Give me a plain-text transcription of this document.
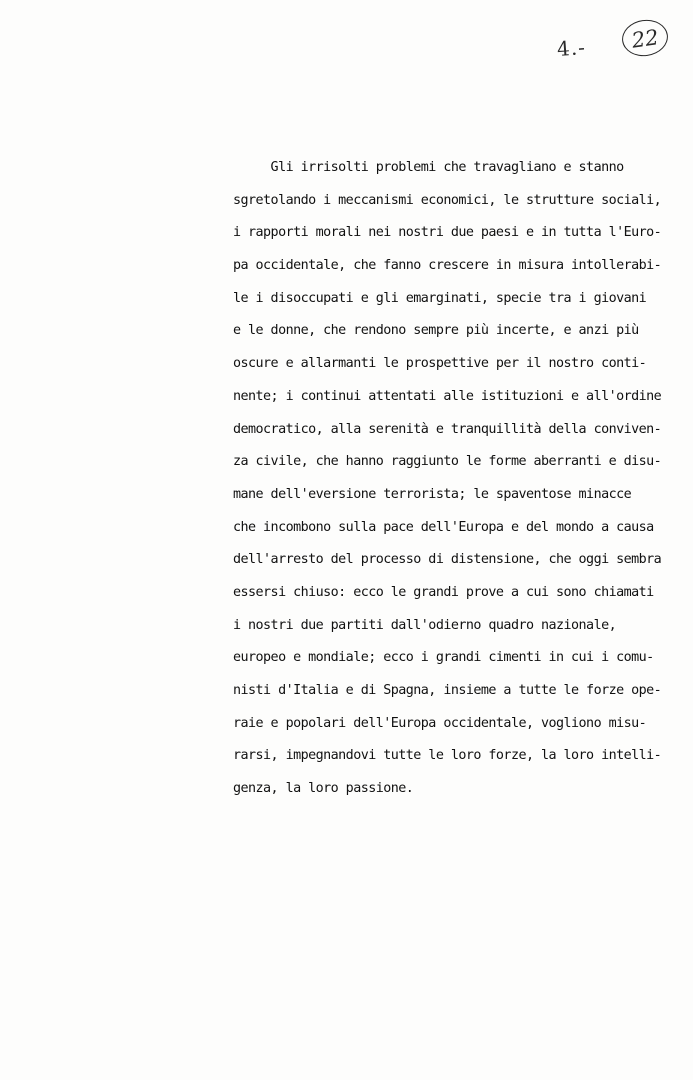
4.-	22
Gli irrisolti problemi che travagliano e stanno
sgretolando i meccanismi economici, le strutture sociali,
i rapporti morali nei nostri due paesi e in tutta l'Euro-
pa occidentale, che fanno crescere in misura intollerabi-
le i disoccupati e gli emarginati, specie tra i giovani
e le donne, che rendono sempre più incerte, e anzi più
oscure e allarmanti le prospettive per il nostro conti-
nente; i continui attentati alle istituzioni e all'ordine
democratico, alla serenità e tranquillità della conviven-
za civile, che hanno raggiunto le forme aberranti e disu-
mane dell'eversione terrorista; le spaventose minacce
che incombono sulla pace dell'Europa e del mondo a causa
dell'arresto del processo di distensione, che oggi sembra
essersi chiuso: ecco le grandi prove a cui sono chiamati
i nostri due partiti dall'odierno quadro nazionale,
europeo e mondiale; ecco i grandi cimenti in cui i comu-
nisti d'Italia e di Spagna, insieme a tutte le forze ope-
raie e popolari dell'Europa occidentale, vogliono misu-
rarsi, impegnandovi tutte le loro forze, la loro intelli-
genza, la loro passione.
